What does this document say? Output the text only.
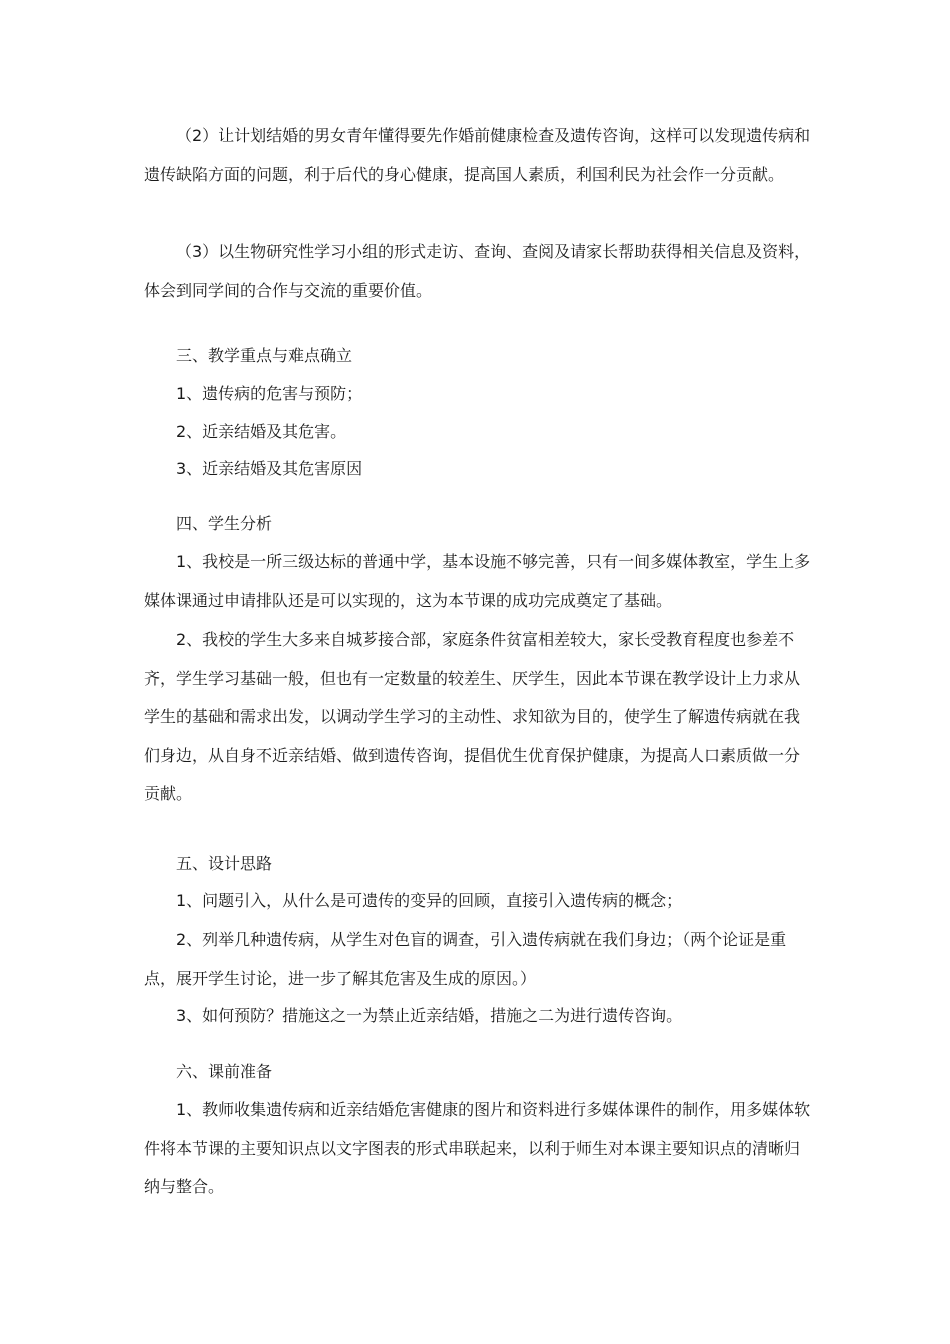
（2）让计划结婚的男女青年懂得要先作婚前健康检查及遗传咨询，这样可以发现遗传病和遗传缺陷方面的问题，利于后代的身心健康，提高国人素质，利国利民为社会作一分贡献。

（3）以生物研究性学习小组的形式走访、查询、查阅及请家长帮助获得相关信息及资料，体会到同学间的合作与交流的重要价值。

三、教学重点与难点确立

1、遗传病的危害与预防；

2、近亲结婚及其危害。

3、近亲结婚及其危害原因

四、学生分析

1、我校是一所三级达标的普通中学，基本设施不够完善，只有一间多媒体教室，学生上多媒体课通过申请排队还是可以实现的，这为本节课的成功完成奠定了基础。

2、我校的学生大多来自城芗接合部，家庭条件贫富相差较大，家长受教育程度也参差不齐，学生学习基础一般，但也有一定数量的较差生、厌学生，因此本节课在教学设计上力求从学生的基础和需求出发，以调动学生学习的主动性、求知欲为目的，使学生了解遗传病就在我们身边，从自身不近亲结婚、做到遗传咨询，提倡优生优育保护健康，为提高人口素质做一分贡献。

五、设计思路

1、问题引入，从什么是可遗传的变异的回顾，直接引入遗传病的概念；

2、列举几种遗传病，从学生对色盲的调查，引入遗传病就在我们身边；（两个论证是重点，展开学生讨论，进一步了解其危害及生成的原因。）

3、如何预防？措施这之一为禁止近亲结婚，措施之二为进行遗传咨询。

六、课前准备

1、教师收集遗传病和近亲结婚危害健康的图片和资料进行多媒体课件的制作，用多媒体软件将本节课的主要知识点以文字图表的形式串联起来，以利于师生对本课主要知识点的清晰归纳与整合。
